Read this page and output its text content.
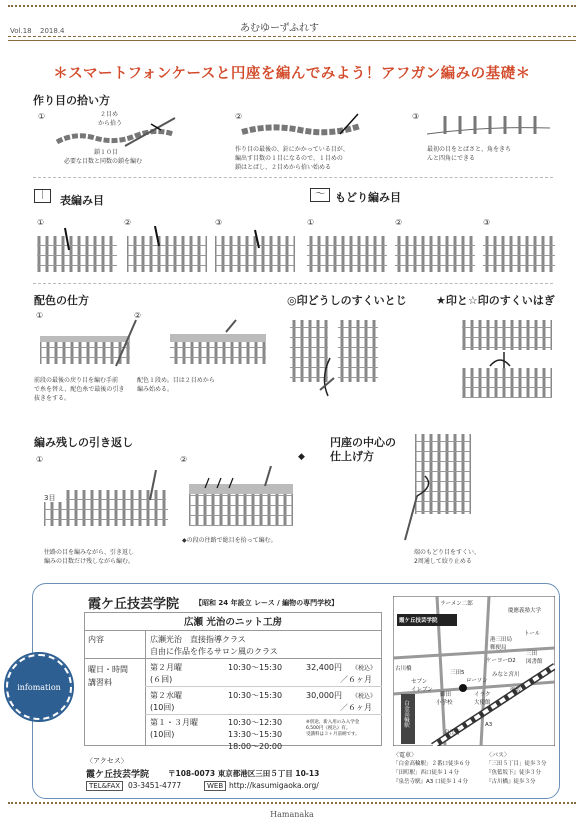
Vol.18 2018.4	あむゆーずふれす
＊スマートフォンケースと円座を編んでみよう！アフガン編みの基礎＊
作り目の拾い方
①	２目め
から拾う
鎖１０目
必要な目数と同数の鎖を編む
②
作り目の最後の、針にかかっている目が、
編出す目数の１目になるので、１目めの
鎖はとばし、２目めから拾い始める
③
最初の目をとばさと、角をきち
んと四角にできる
｜	表編み目	〜 もどり編み目
①	②	③	①	②	③
配色の仕方
①	②
前段の最後の戻り目を編む手前
で糸を替え、配色糸で最後の引き
抜きをする。
配色１段め。目は２目めから
編み始める。
◎印どうしのすくいとじ	★印と☆印のすくいはぎ
編み残しの引き返し
①	②
3目
◆
往路の目を編みながら、引き返し
編みの目数だけ残しながら編む。
◆の段の往路で総目を拾って編む。
円座の中心の
仕上げ方
端のもどり目をすくい、
2周通して絞り止める
infomation
霞ケ丘技芸学院 【昭和 24 年設立 レース / 編物の専門学校】
広瀬 光治のニット工房
内容	広瀬光治　直接指導クラス
自由に作品を作るサロン風のクラス
曜日・時間
講習料
第２月曜
(６回)
10:30～15:30	32,400円 《税込》
／６ヶ月
第２水曜
(10回)
10:30～15:30	30,000円 《税込》
／６ヶ月
第１・３月曜
(10回)
10:30～12:30
13:30～15:30
18:00～20:00
※別途、新入用のみ入学金
6,500円《税込》有。
受講料は３ヶ月前納です。
〈アクセス〉
霞ケ丘技芸学院	〒108-0073 東京都港区三田５丁目 10-13
TEL&FAX	03-3451-4777	WEB http://kasumigaoka.org/
ラーメン二郎
慶應義塾大学
霞ケ丘技芸学院
港三田局
郵便局
トール
三田
図書館
ケーヨーD2
みなと宮川
三田5
ローソン
イラク
大使館
セブン
イレブン
御田
小学校
聖坂
泉岳寺
古川橋
A3
白金高輪駅
〈電車〉
「白金高輪駅」２番口徒歩６分
「田町駅」西口徒歩１４分
『泉岳寺駅』A3 口徒歩１４分
〈バス〉
「三田５丁目」徒歩３分
『魚籃坂下』徒歩３分
『古川橋』徒歩３分
Hamanaka
